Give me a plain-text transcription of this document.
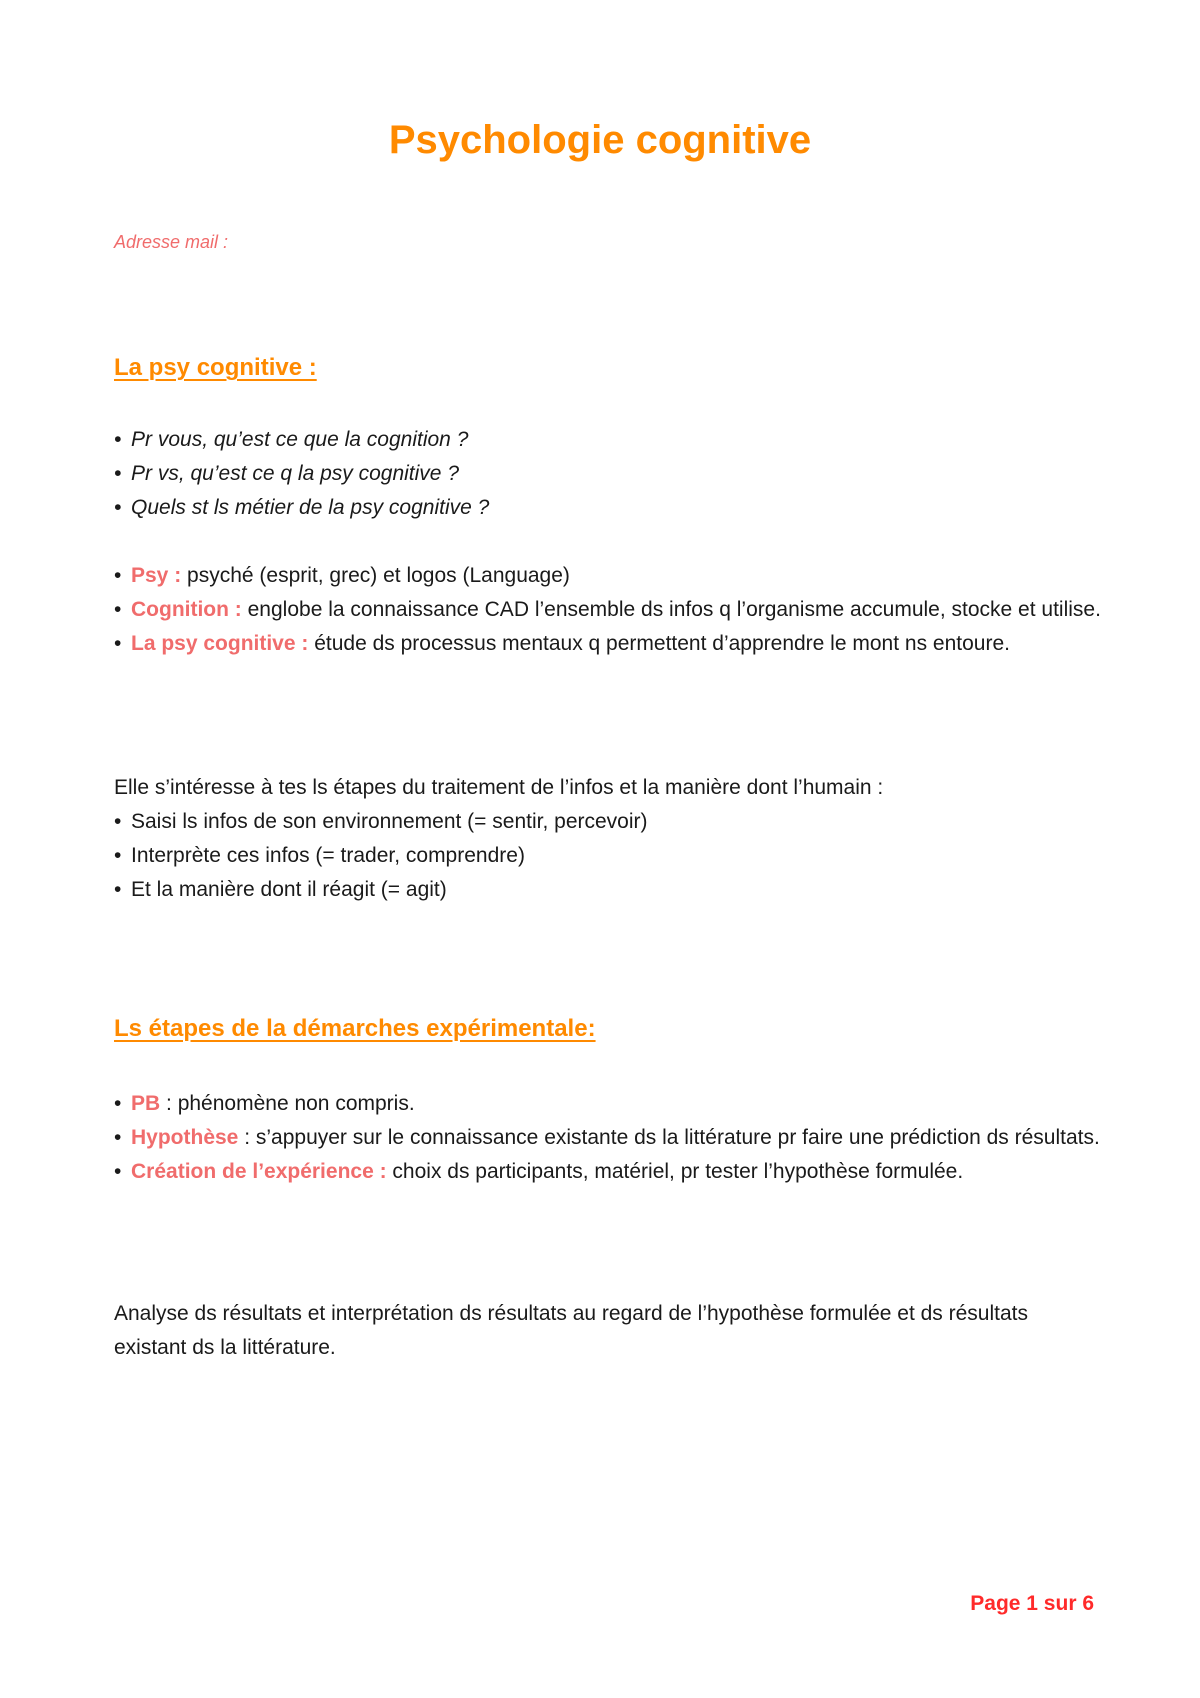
Psychologie cognitive

Adresse mail :

La psy cognitive :
• Pr vous, qu’est ce que la cognition ?
• Pr vs, qu’est ce q la psy cognitive ?
• Quels st ls métier de la psy cognitive ?
• Psy : psyché (esprit, grec) et logos (Language)
• Cognition : englobe la connaissance CAD l’ensemble ds infos q l’organisme accumule, stocke et utilise.
• La psy cognitive : étude ds processus mentaux q permettent d’apprendre le mont ns entoure.

Elle s’intéresse à tes ls étapes du traitement de l’infos et la manière dont l’humain :

• Saisi ls infos de son environnement (= sentir, percevoir)
• Interprète ces infos (= trader, comprendre)
• Et la manière dont il réagit (= agit)
Ls étapes de la démarches expérimentale:
• PB : phénomène non compris.
• Hypothèse : s’appuyer sur le connaissance existante ds la littérature pr faire une prédiction ds résultats.
• Création de l’expérience : choix ds participants, matériel, pr tester l’hypothèse formulée.

Analyse ds résultats et interprétation ds résultats au regard de l’hypothèse formulée et ds résultats existant ds la littérature.

Page 1 sur 6
